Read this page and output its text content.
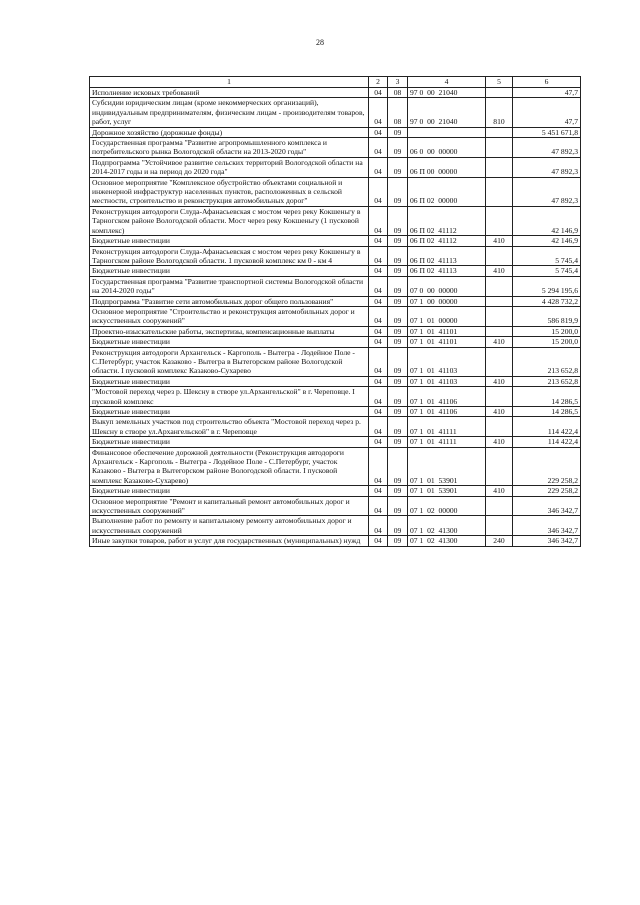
28
1	2	3	4	5	6
Исполнение исковых требований	04	08	97 0  00  21040		47,7
Субсидии юридическим лицам (кроме некоммерческих организаций), индивидуальным предпринимателям, физическим лицам - производителям товаров, работ, услуг	04	08	97 0  00  21040	810	47,7
Дорожное хозяйство (дорожные фонды)	04	09			5 451 671,8
Государственная программа "Развитие агропромышленного комплекса и потребительского рынка Вологодской области на 2013-2020 годы"	04	09	06 0  00  00000		47 892,3
Подпрограмма "Устойчивое развитие сельских территорий Вологодской области на 2014-2017 годы и на период до 2020 года"	04	09	06 П 00  00000		47 892,3
Основное мероприятие "Комплексное обустройство объектами социальной и инженерной инфраструктур населенных пунктов, расположенных в сельской местности, строительство и реконструкция автомобильных дорог"	04	09	06 П 02  00000		47 892,3
Реконструкция автодороги Слуда-Афанасьевская с мостом через реку Кокшеньгу в Тарногском районе Вологодской области. Мост через реку Кокшеньгу (1 пусковой комплекс)	04	09	06 П 02  41112		42 146,9
Бюджетные инвестиции	04	09	06 П 02  41112	410	42 146,9
Реконструкция автодороги Слуда-Афанасьевская с мостом через реку Кокшеньгу в Тарногском районе Вологодской области. 1 пусковой комплекс км 0 - км 4	04	09	06 П 02  41113		5 745,4
Бюджетные инвестиции	04	09	06 П 02  41113	410	5 745,4
Государственная программа "Развитие транспортной системы Вологодской области на 2014-2020 годы"	04	09	07 0  00  00000		5 294 195,6
Подпрограмма "Развитие сети автомобильных дорог общего пользования"	04	09	07 1  00  00000		4 428 732,2
Основное мероприятие "Строительство и реконструкция автомобильных дорог и искусственных сооружений"	04	09	07 1  01  00000		586 819,9
Проектно-изыскательские работы, экспертизы, компенсационные выплаты	04	09	07 1  01  41101		15 200,0
Бюджетные инвестиции	04	09	07 1  01  41101	410	15 200,0
Реконструкция автодороги Архангельск - Каргополь - Вытегра - Лодейное Поле - С.Петербург, участок Казаково - Вытегра в Вытегорском районе Вологодской области. I пусковой комплекс Казаково-Сухарево	04	09	07 1  01  41103		213 652,8
Бюджетные инвестиции	04	09	07 1  01  41103	410	213 652,8
"Мостовой переход через р. Шексну в створе ул.Архангельской" в г. Череповце. I пусковой комплекс	04	09	07 1  01  41106		14 286,5
Бюджетные инвестиции	04	09	07 1  01  41106	410	14 286,5
Выкуп земельных участков под строительство объекта "Мостовой переход через р. Шексну в створе ул.Архангельской" в г. Череповце	04	09	07 1  01  41111		114 422,4
Бюджетные инвестиции	04	09	07 1  01  41111	410	114 422,4
Финансовое обеспечение дорожной деятельности (Реконструкция автодороги Архангельск - Каргополь - Вытегра - Лодейное Поле - С.Петербург, участок Казаково - Вытегра в Вытегорском районе Вологодской области. I пусковой комплекс Казаково-Сухарево)	04	09	07 1  01  53901		229 258,2
Бюджетные инвестиции	04	09	07 1  01  53901	410	229 258,2
Основное мероприятие "Ремонт и капитальный ремонт автомобильных дорог и искусственных сооружений"	04	09	07 1  02  00000		346 342,7
Выполнение работ по ремонту и капитальному ремонту автомобильных дорог и искусственных сооружений	04	09	07 1  02  41300		346 342,7
Иные закупки товаров, работ и услуг для государственных (муниципальных) нужд	04	09	07 1  02  41300	240	346 342,7
